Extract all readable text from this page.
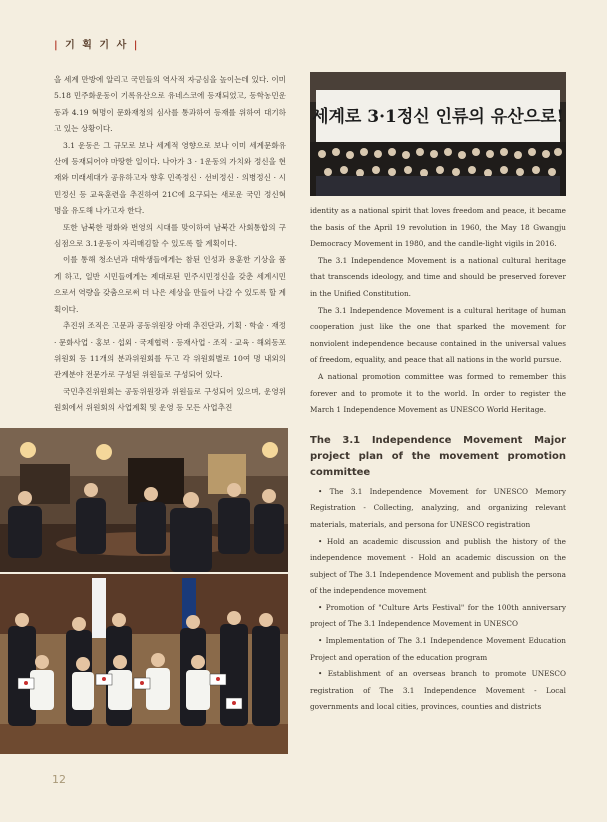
| 기 획 기 사 |

을 세계 만방에 알리고 국민들의 역사적 자긍심을 높이는데 있다. 이미 5.18 민주화운동이 기록유산으로 유네스코에 등재되었고, 동학농민운동과 4.19 혁명이 문화재청의 심사를 통과하여 등재를 위하여 대기하고 있는 상황이다.

3.1 운동은 그 규모로 보나 세계적 영향으로 보나 이미 세계문화유산에 등재되어야 마땅한 일이다. 나아가 3 · 1운동의 가치와 정신을 현재와 미래세대가 공유하고자 향후 민족정신 · 선비정신 · 의병정신 · 시민정신 등 교육훈련을 추진하여 21C에 요구되는 새로운 국민 정신혁명을 유도해 나가고자 한다.

또한 남북한 평화와 번영의 시대를 맞이하여 남북간 사회통합의 구심점으로 3.1운동이 자리매김할 수 있도록 할 계획이다.

이를 통해 청소년과 대학생들에게는 참된 인성과 용훈한 기상을 품게 하고, 일반 시민들에게는 제대로된 민주시민정신을 갖춘 세계시민으로서 역량을 갖춤으로써 더 나은 세상을 만들어 나갈 수 있도록 할 계획이다.

추진위 조직은 고문과 공동위원장 아래 추진단과, 기획 · 학술 · 재정 · 문화사업 · 홍보 · 섭외 · 국제협력 · 등재사업 · 조직 · 교육 · 해외동포위원회 등 11개의 분과위원회를 두고 각 위원회별로 10여 명 내외의 관계분야 전문가로 구성된 위원들로 구성되어 있다.

국민추진위원회는 공동위원장과 위원들로 구성되어 있으며, 운영위원회에서 위원회의 사업계획 및 운영 등 모든 사업추진

세계로 3·1정신 인류의 유산으로!

identity as a national spirit that loves freedom and peace, it became the basis of the April 19 revolution in 1960, the May 18 Gwangju Democracy Movement in 1980, and the candle-light vigils in 2016.

The 3.1 Independence Movement is a national cultural heritage that transcends ideology, and time and should be preserved forever in the Unified Constitution.

The 3.1 Independence Movement is a cultural heritage of human cooperation just like the one that sparked the movement for nonviolent independence because contained in the universal values of freedom, equality, and peace that all nations in the world pursue.

A national promotion committee was formed to remember this forever and to promote it to the world. In order to register the March 1 Independence Movement as UNESCO World Heritage.

The 3.1 Independence Movement Major project plan of the movement promotion committee
• The 3.1 Independence Movement for UNESCO Memory Registration - Collecting, analyzing, and organizing relevant materials, materials, and persona for UNESCO registration
• Hold an academic discussion and publish the history of the independence movement - Hold an academic discussion on the subject of The 3.1 Independence Movement and publish the persona of the independence movement
• Promotion of "Culture Arts Festival" for the 100th anniversary project of The 3.1 Independence Movement in UNESCO
• Implementation of The 3.1 Independence Movement Education Project and operation of the education program
• Establishment of an overseas branch to promote UNESCO registration of The 3.1 Independence Movement - Local governments and local cities, provinces, counties and districts
12
